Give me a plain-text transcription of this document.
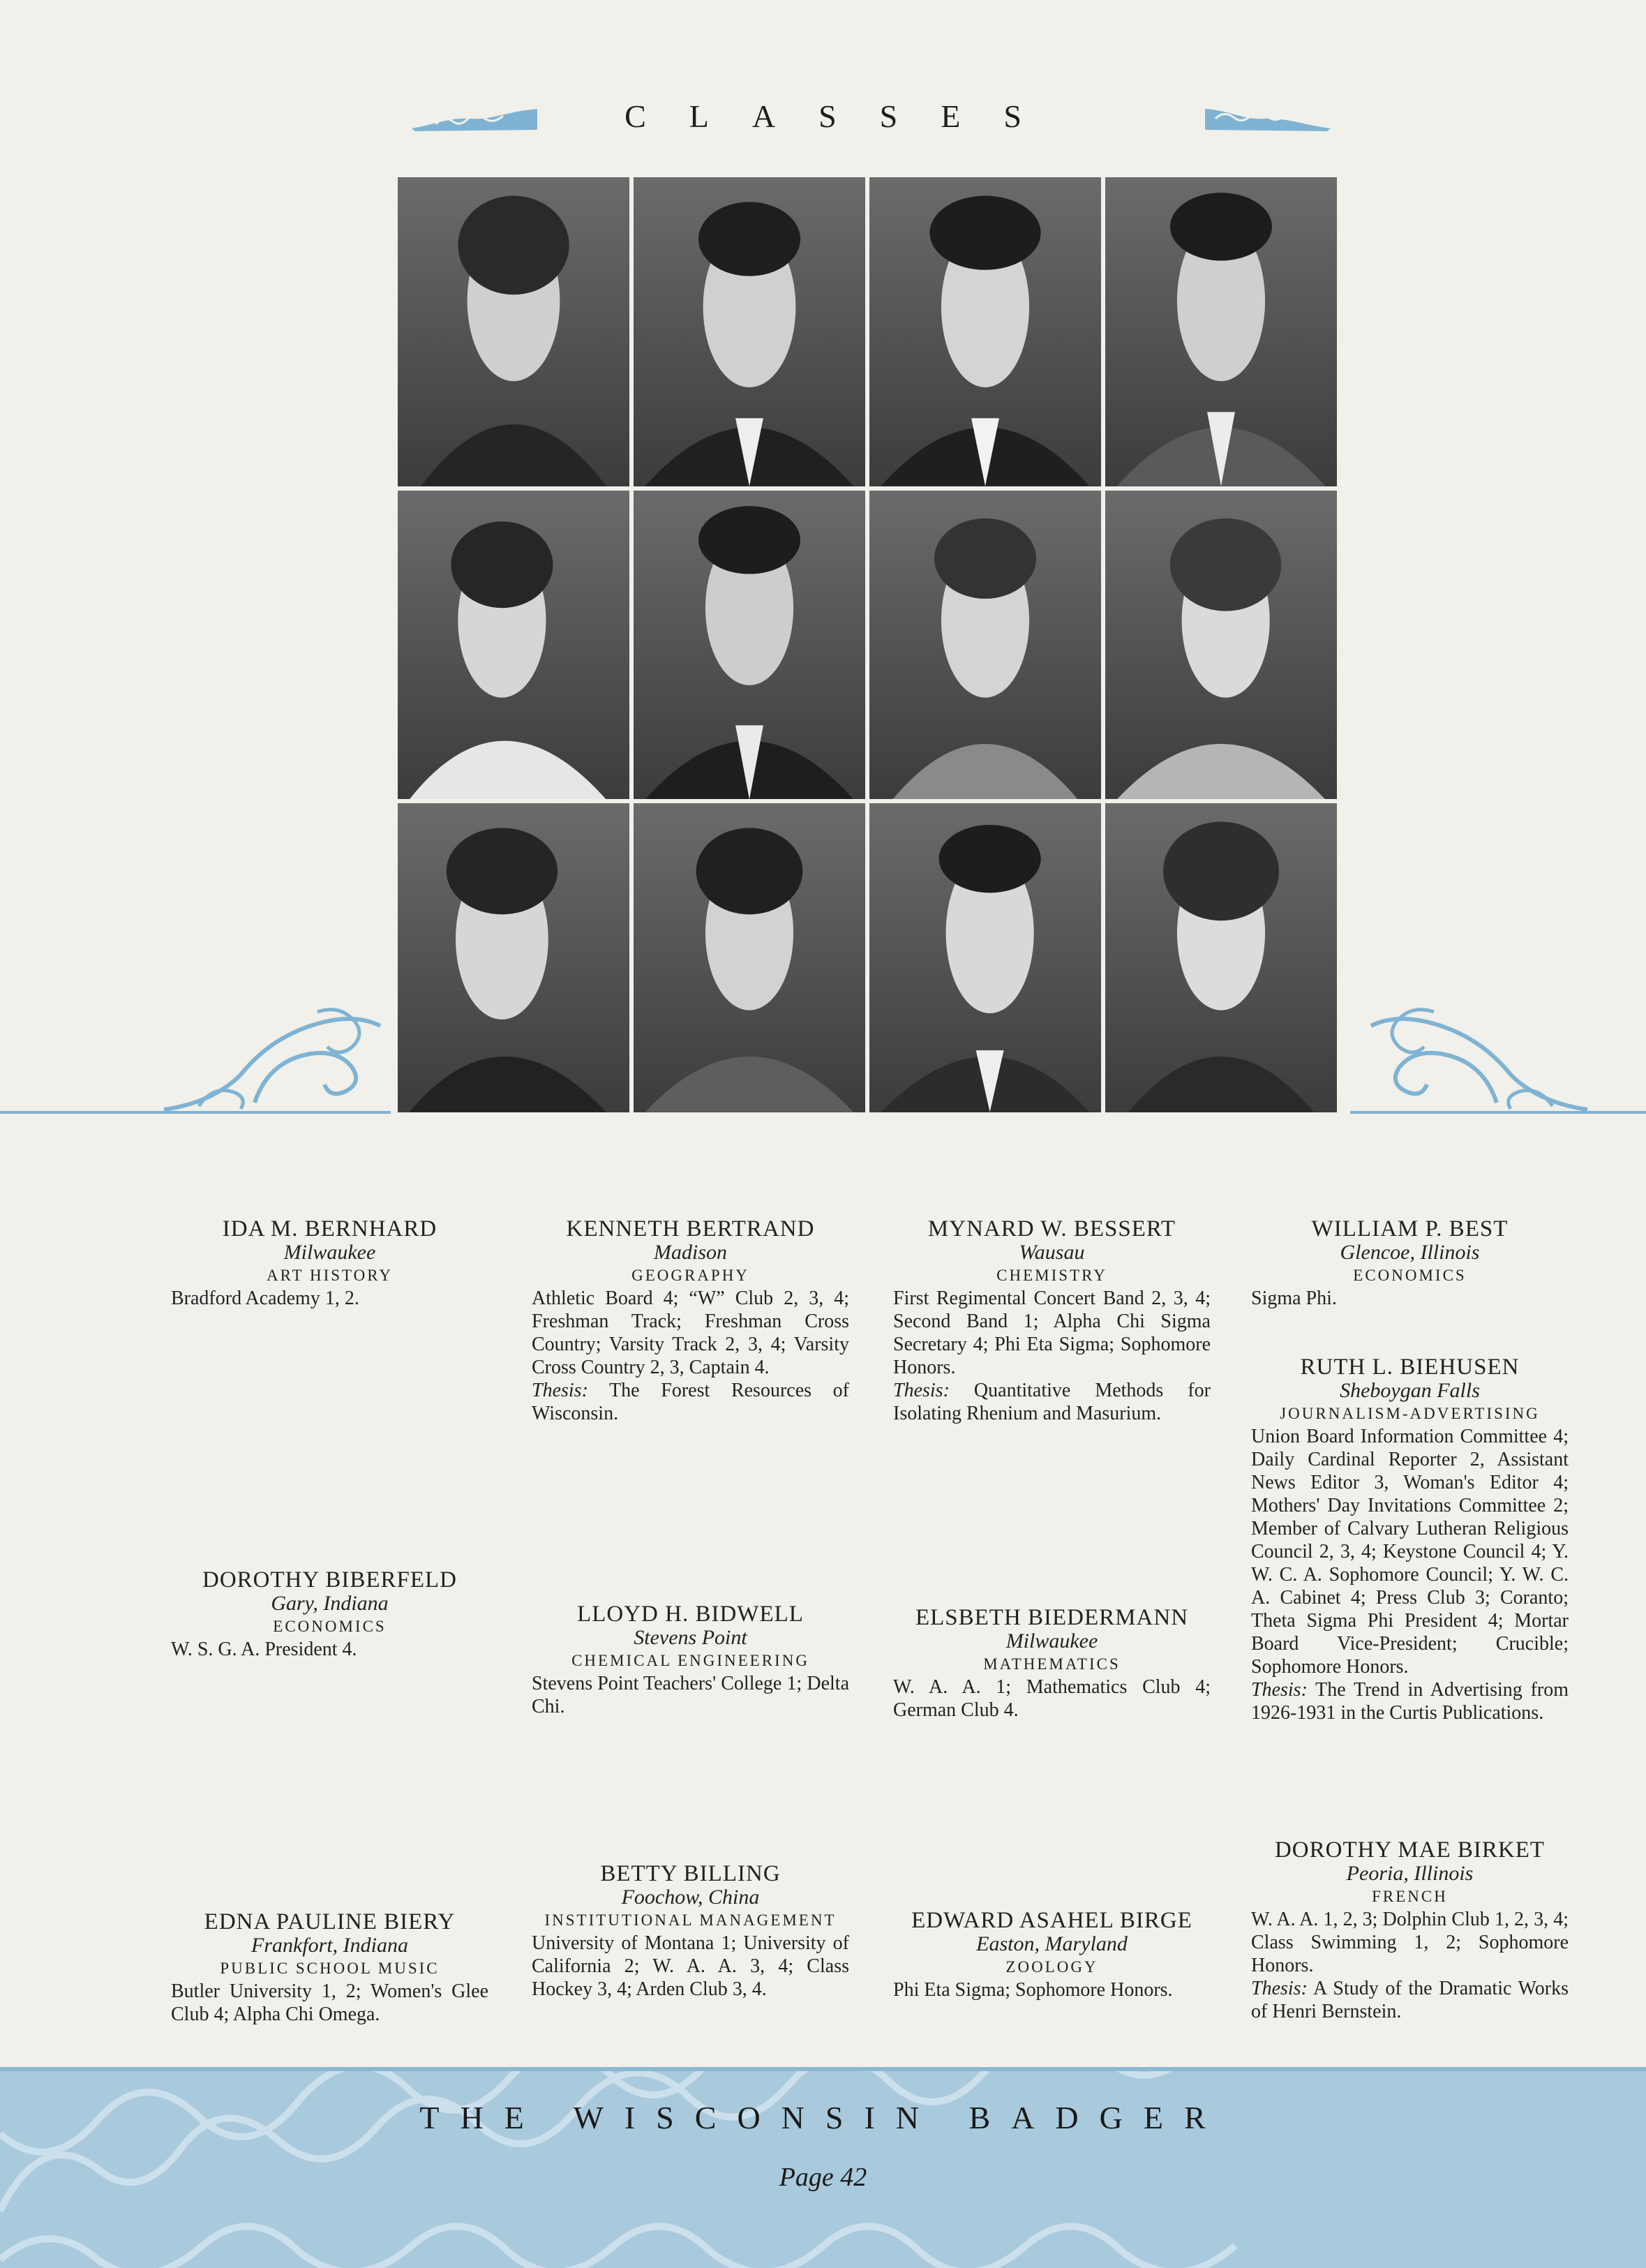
CLASSES
IDA M. BERNHARD
Milwaukee
ART HISTORY
Bradford Academy 1, 2.
KENNETH BERTRAND
Madison
GEOGRAPHY
Athletic Board 4; “W” Club 2, 3, 4; Freshman Track; Freshman Cross Country; Varsity Track 2, 3, 4; Varsity Cross Country 2, 3, Captain 4.
Thesis: The Forest Resources of Wisconsin.
MYNARD W. BESSERT
Wausau
CHEMISTRY
First Regimental Concert Band 2, 3, 4; Second Band 1; Alpha Chi Sigma Secretary 4; Phi Eta Sigma; Sophomore Honors.
Thesis: Quantitative Methods for Isolating Rhenium and Masurium.
WILLIAM P. BEST
Glencoe, Illinois
ECONOMICS
Sigma Phi.
RUTH L. BIEHUSEN
Sheboygan Falls
JOURNALISM-ADVERTISING
Union Board Information Committee 4; Daily Cardinal Reporter 2, Assistant News Editor 3, Woman's Editor 4; Mothers' Day Invitations Committee 2; Member of Calvary Lutheran Religious Council 2, 3, 4; Keystone Council 4; Y. W. C. A. Sophomore Council; Y. W. C. A. Cabinet 4; Press Club 3; Coranto; Theta Sigma Phi President 4; Mortar Board Vice-President; Crucible; Sophomore Honors.
Thesis: The Trend in Advertising from 1926-1931 in the Curtis Publications.
DOROTHY BIBERFELD
Gary, Indiana
ECONOMICS
W. S. G. A. President 4.
LLOYD H. BIDWELL
Stevens Point
CHEMICAL ENGINEERING
Stevens Point Teachers' College 1; Delta Chi.
ELSBETH BIEDERMANN
Milwaukee
MATHEMATICS
W. A. A. 1; Mathematics Club 4; German Club 4.
BETTY BILLING
Foochow, China
INSTITUTIONAL MANAGEMENT
University of Montana 1; University of California 2; W. A. A. 3, 4; Class Hockey 3, 4; Arden Club 3, 4.
DOROTHY MAE BIRKET
Peoria, Illinois
FRENCH
W. A. A. 1, 2, 3; Dolphin Club 1, 2, 3, 4; Class Swimming 1, 2; Sophomore Honors.
Thesis: A Study of the Dramatic Works of Henri Bernstein.
EDNA PAULINE BIERY
Frankfort, Indiana
PUBLIC SCHOOL MUSIC
Butler University 1, 2; Women's Glee Club 4; Alpha Chi Omega.
EDWARD ASAHEL BIRGE
Easton, Maryland
ZOOLOGY
Phi Eta Sigma; Sophomore Honors.
THE WISCONSIN BADGER
Page 42
